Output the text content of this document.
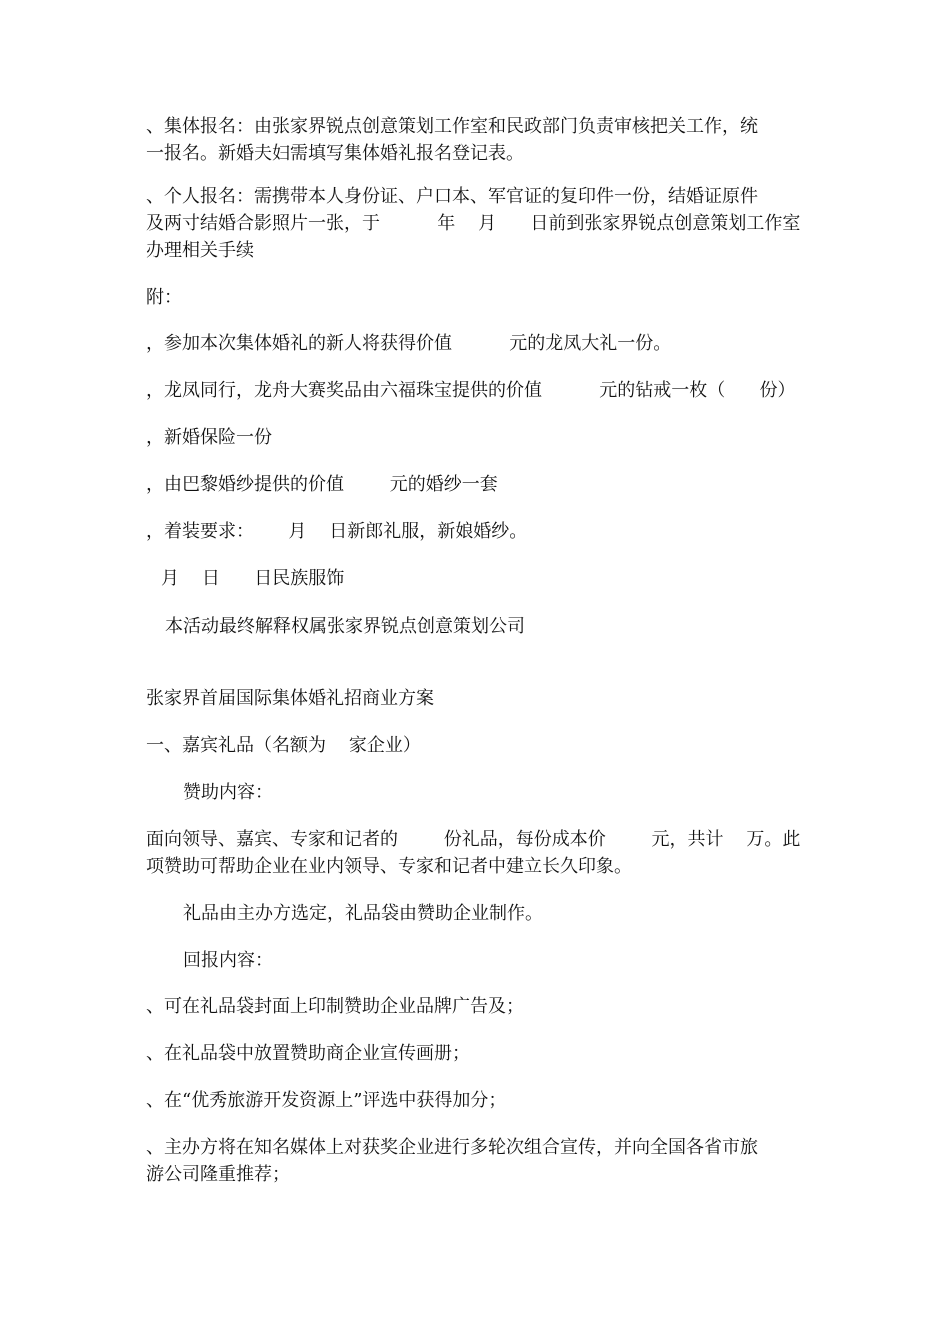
、集体报名：由张家界锐点创意策划工作室和民政部门负责审核把关工作，统

一报名。新婚夫妇需填写集体婚礼报名登记表。

、个人报名：需携带本人身份证、户口本、军官证的复印件一份，结婚证原件

及两寸结婚合影照片一张，于          年    月      日前到张家界锐点创意策划工作室

办理相关手续

附：

，参加本次集体婚礼的新人将获得价值          元的龙凤大礼一份。

，龙凤同行，龙舟大赛奖品由六福珠宝提供的价值          元的钻戒一枚（      份）

，新婚保险一份

，由巴黎婚纱提供的价值        元的婚纱一套

，着装要求：      月    日新郎礼服，新娘婚纱。

月    日      日民族服饰

本活动最终解释权属张家界锐点创意策划公司

张家界首届国际集体婚礼招商业方案

一、嘉宾礼品（名额为    家企业）

赞助内容：

面向领导、嘉宾、专家和记者的        份礼品，每份成本价        元，共计    万。此

项赞助可帮助企业在业内领导、专家和记者中建立长久印象。

礼品由主办方选定，礼品袋由赞助企业制作。

回报内容：

、可在礼品袋封面上印制赞助企业品牌广告及；

、在礼品袋中放置赞助商企业宣传画册；

、在“优秀旅游开发资源上”评选中获得加分；

、主办方将在知名媒体上对获奖企业进行多轮次组合宣传，并向全国各省市旅

游公司隆重推荐；
